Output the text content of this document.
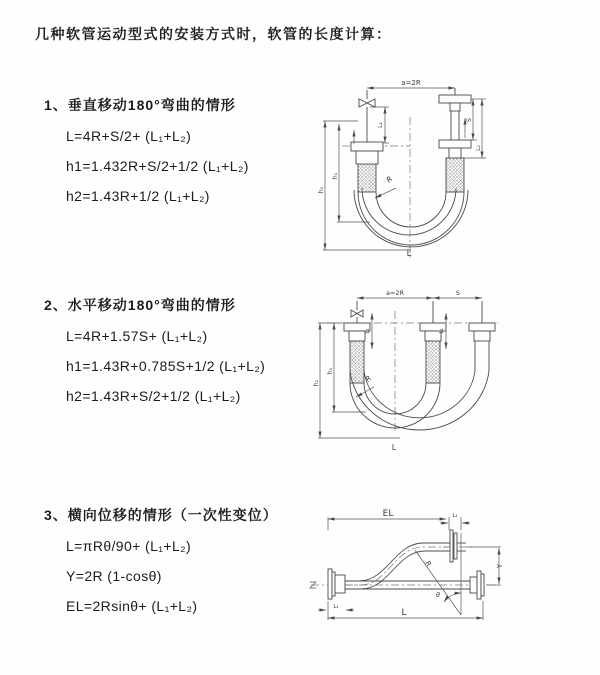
几种软管运动型式的安装方式时，软管的长度计算：
1、垂直移动180°弯曲的情形
L=4R+S/2+ (L₁+L₂)
h1=1.432R+S/2+1/2 (L₁+L₂)
h2=1.43R+1/2 (L₁+L₂)
2、水平移动180°弯曲的情形
L=4R+1.57S+ (L₁+L₂)
h1=1.43R+0.785S+1/2 (L₁+L₂)
h2=1.43R+S/2+1/2 (L₁+L₂)
3、横向位移的情形（一次性变位）
L=πRθ/90+ (L₁+L₂)
Y=2R (1-cosθ)
EL=2Rsinθ+ (L₁+L₂)
a=2R
L₁
S
L₂
h₂
h₁	R
L
a=2R	S
L₁	L₂
h₂
h₁
R
L
EL	L₂
Y
θ
R
L
L₁
